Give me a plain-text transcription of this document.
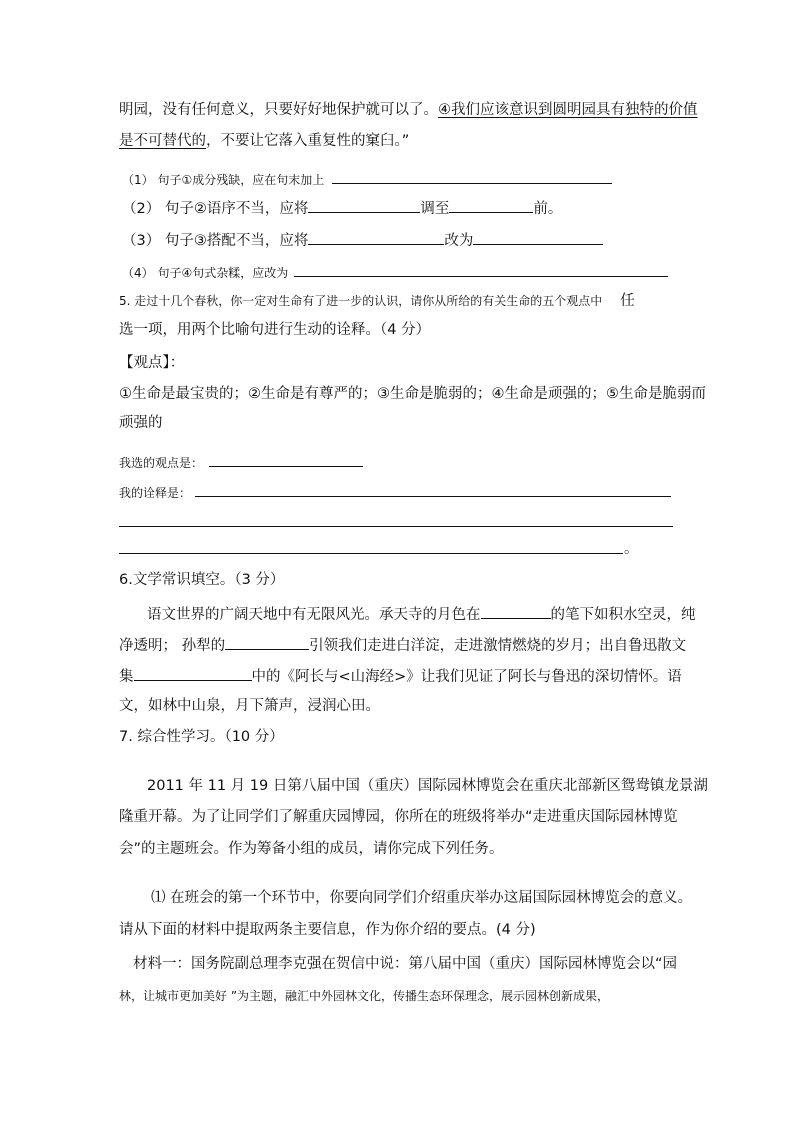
明园，没有任何意义，只要好好地保护就可以了。④我们应该意识到圆明园具有独特的价值
是不可替代的，不要让它落入重复性的窠臼。”
（1） 句子①成分残缺，应在句末加上
（2） 句子②语序不当，应将	调至	前。
（3） 句子③搭配不当，应将	改为
（4） 句子④句式杂糅，应改为
5. 走过十几个春秋，你一定对生命有了进一步的认识，请你从所给的有关生命的五个观点中 任
选一项，用两个比喻句进行生动的诠释。（4 分）
【观点】：
①生命是最宝贵的；②生命是有尊严的；③生命是脆弱的；④生命是顽强的；⑤生命是脆弱而
顽强的
我选的观点是：
我的诠释是：
。
6.文学常识填空。（3 分）
语文世界的广阔天地中有无限风光。承天寺的月色在	的笔下如积水空灵，纯
净透明； 孙犁的	引领我们走进白洋淀，走进激情燃烧的岁月；出自鲁迅散文
集	中的《阿长与<山海经>》让我们见证了阿长与鲁迅的深切情怀。语
文，如林中山泉，月下箫声，浸润心田。
7. 综合性学习。（10 分）
2011 年 11 月 19 日第八届中国（重庆）国际园林博览会在重庆北部新区鸳鸯镇龙景湖
隆重开幕。为了让同学们了解重庆园博园，你所在的班级将举办“走进重庆国际园林博览
会”的主题班会。作为筹备小组的成员，请你完成下列任务。
⑴ 在班会的第一个环节中，你要向同学们介绍重庆举办这届国际园林博览会的意义。
请从下面的材料中提取两条主要信息，作为你介绍的要点。(4 分)
材料一：国务院副总理李克强在贺信中说：第八届中国（重庆）国际园林博览会以“园
林，让城市更加美好 ”为主题，融汇中外园林文化，传播生态环保理念，展示园林创新成果，
